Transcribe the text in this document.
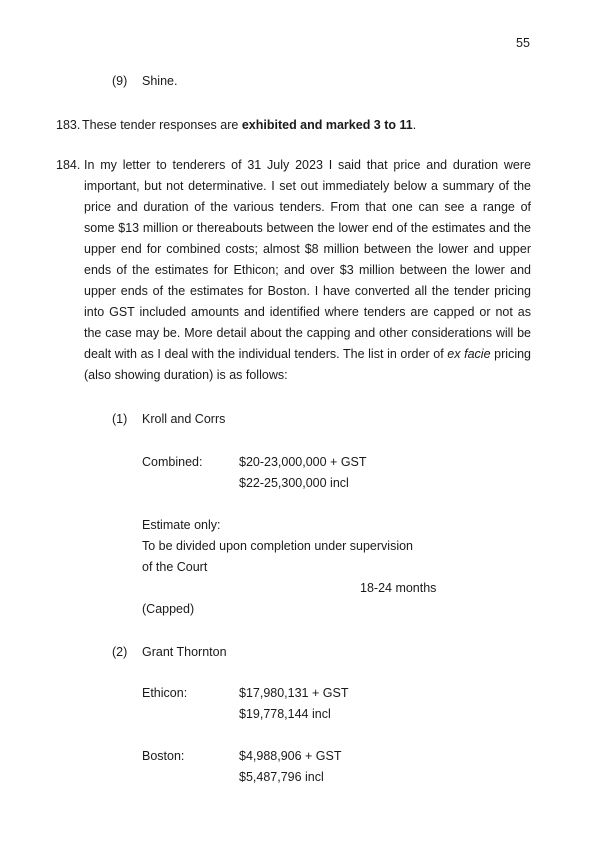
55
(9) Shine.
183. These tender responses are exhibited and marked 3 to 11.
184. In my letter to tenderers of 31 July 2023 I said that price and duration were important, but not determinative. I set out immediately below a summary of the price and duration of the various tenders. From that one can see a range of some $13 million or thereabouts between the lower end of the estimates and the upper end for combined costs; almost $8 million between the lower and upper ends of the estimates for Ethicon; and over $3 million between the lower and upper ends of the estimates for Boston. I have converted all the tender pricing into GST included amounts and identified where tenders are capped or not as the case may be. More detail about the capping and other considerations will be dealt with as I deal with the individual tenders. The list in order of ex facie pricing (also showing duration) is as follows:
(1) Kroll and Corrs
Combined:	$20-23,000,000 + GST
$22-25,300,000 incl
Estimate only:
To be divided upon completion under supervision
of the Court
18-24 months
(Capped)
(2) Grant Thornton
Ethicon:	$17,980,131 + GST
$19,778,144 incl
Boston:	$4,988,906 + GST
$5,487,796 incl
